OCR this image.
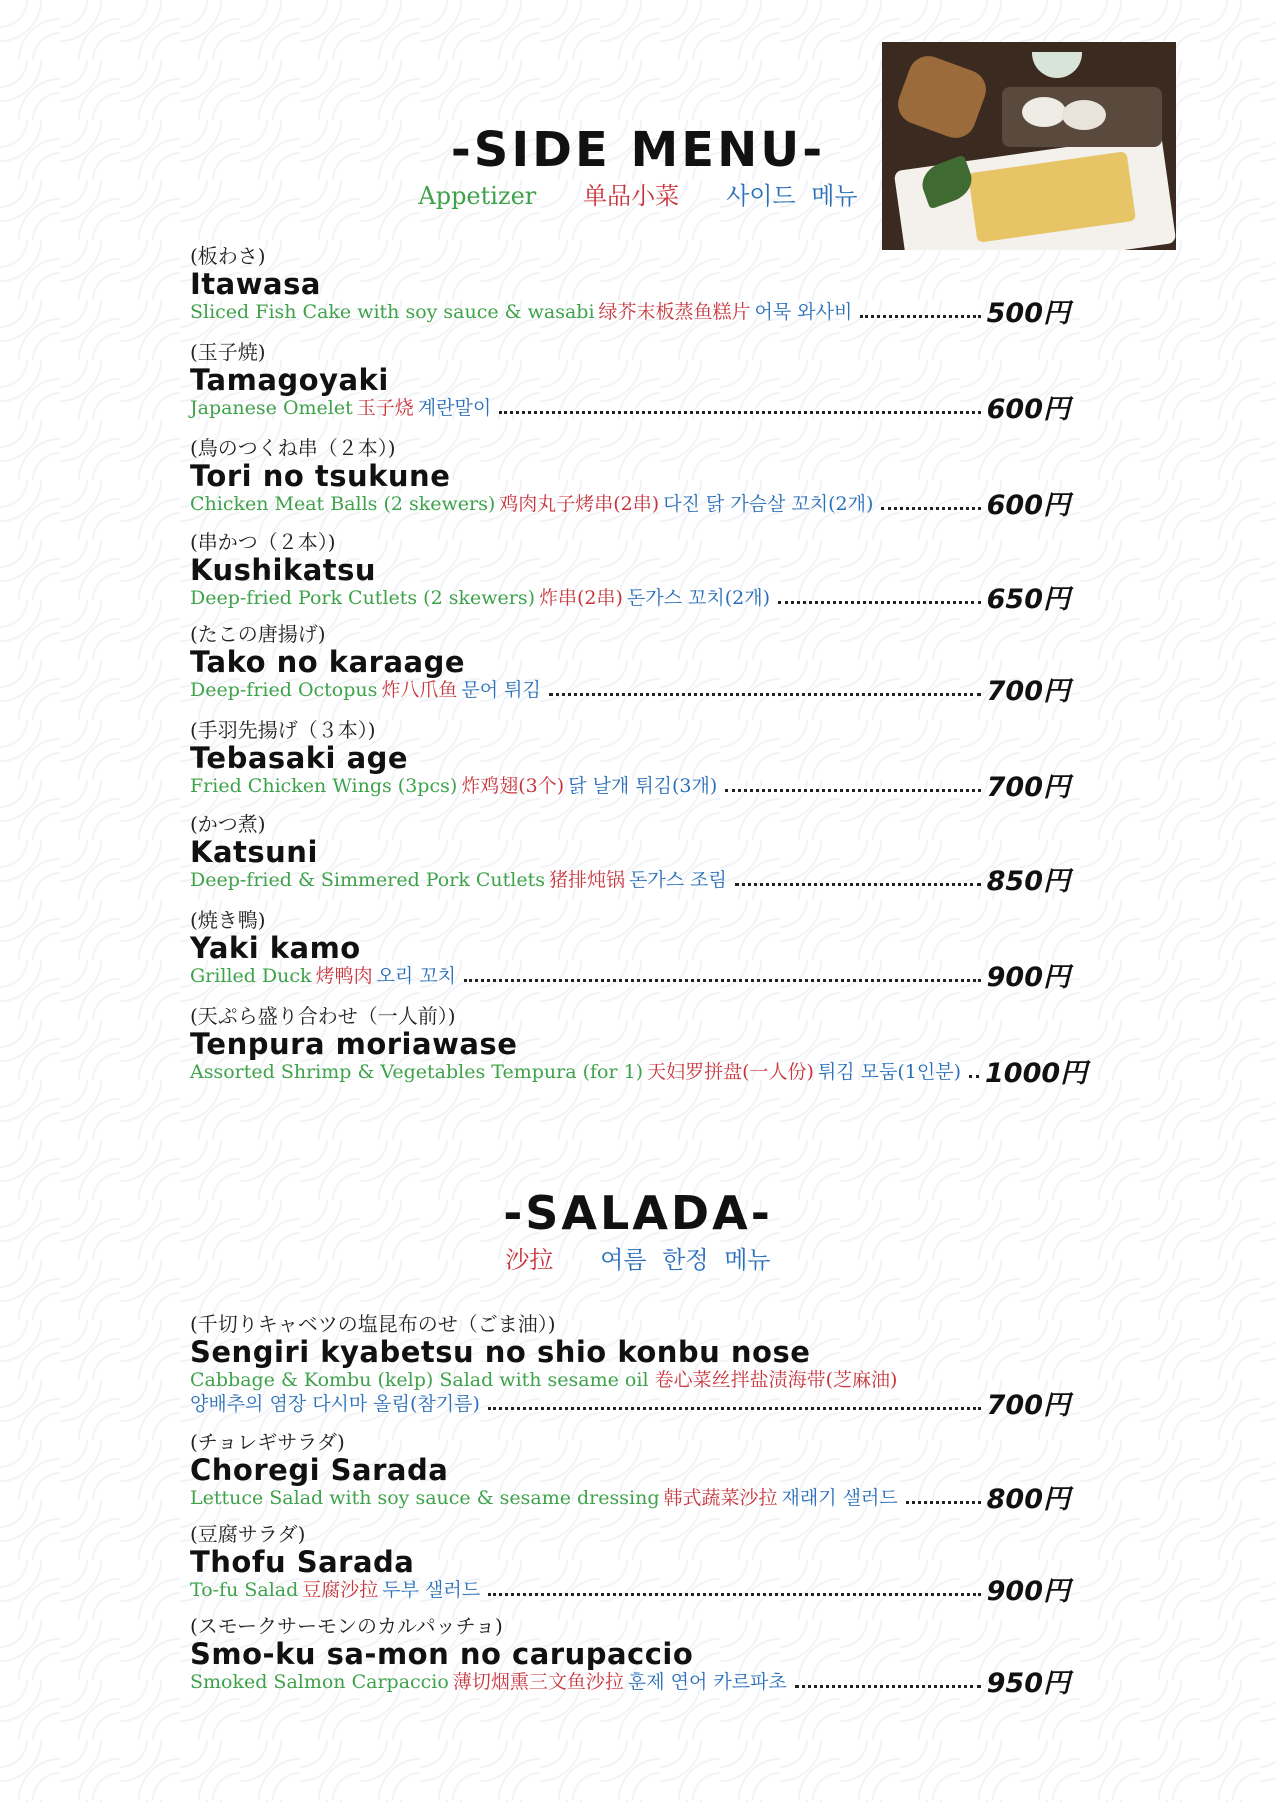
-SIDE MENU-
Appetizer 单品小菜 사이드 메뉴
(板わさ)
Itawasa
Sliced Fish Cake with soy sauce & wasabi 绿芥末板蒸鱼糕片 어묵 와사비	500円
(玉子焼)
Tamagoyaki
Japanese Omelet 玉子烧 계란말이	600円
(鳥のつくね串（２本）)
Tori no tsukune
Chicken Meat Balls (2 skewers) 鸡肉丸子烤串(2串) 다진 닭 가슴살 꼬치(2개)	600円
(串かつ（２本）)
Kushikatsu
Deep-fried Pork Cutlets (2 skewers) 炸串(2串) 돈가스 꼬치(2개)	650円
(たこの唐揚げ)
Tako no karaage
Deep-fried Octopus 炸八爪鱼 문어 튀김	700円
(手羽先揚げ（３本）)
Tebasaki age
Fried Chicken Wings (3pcs) 炸鸡翅(3个) 닭 날개 튀김(3개)	700円
(かつ煮)
Katsuni
Deep-fried & Simmered Pork Cutlets 猪排炖锅 돈가스 조림	850円
(焼き鴨)
Yaki kamo
Grilled Duck 烤鸭肉 오리 꼬치	900円
(天ぷら盛り合わせ（一人前）)
Tenpura moriawase
Assorted Shrimp & Vegetables Tempura (for 1) 天妇罗拼盘(一人份) 튀김 모둠(1인분) 1000円
-SALADA-
沙拉 여름 한정 메뉴
(千切りキャベツの塩昆布のせ（ごま油）)
Sengiri kyabetsu no shio konbu nose
Cabbage & Kombu (kelp) Salad with sesame oil 卷心菜丝拌盐渍海带(芝麻油)
양배추의 염장 다시마 올림(참기름)	700円
(チョレギサラダ)
Choregi Sarada
Lettuce Salad with soy sauce & sesame dressing 韩式蔬菜沙拉 재래기 샐러드	800円
(豆腐サラダ)
Thofu Sarada
To-fu Salad 豆腐沙拉 두부 샐러드	900円
(スモークサーモンのカルパッチョ)
Smo-ku sa-mon no carupaccio
Smoked Salmon Carpaccio 薄切烟熏三文鱼沙拉 훈제 연어 카르파초	950円
